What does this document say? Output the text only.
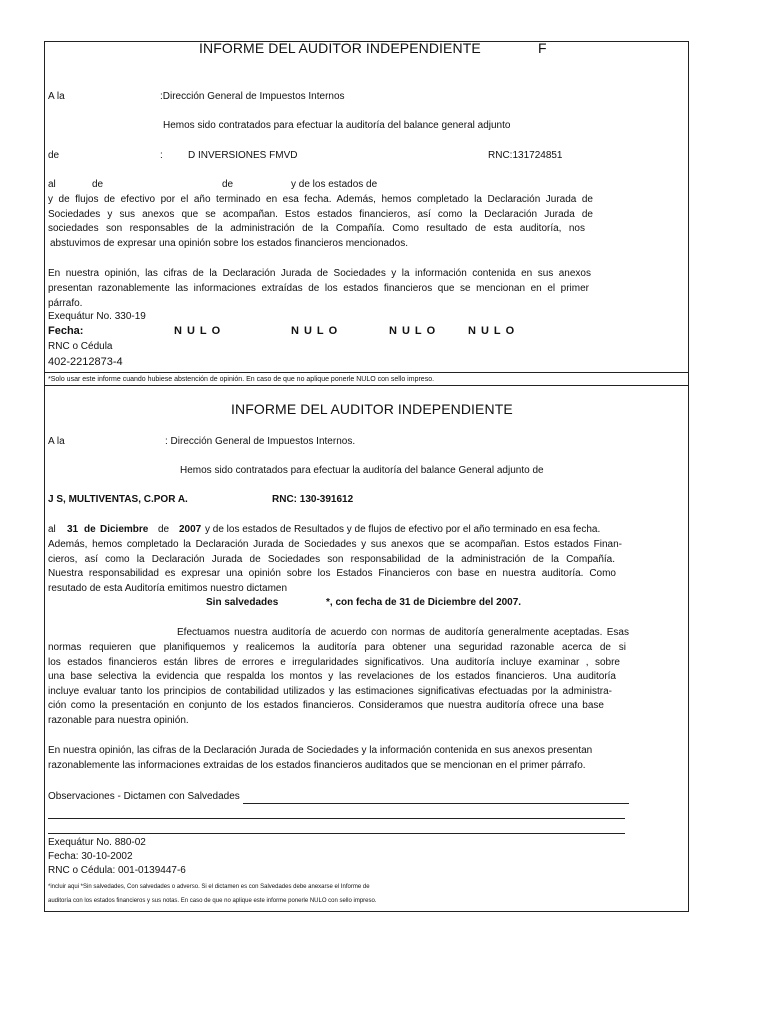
INFORME DEL AUDITOR INDEPENDIENTE	F
A la	:Dirección General de Impuestos Internos
Hemos sido contratados para efectuar la auditoría del balance general adjunto
de	:	D INVERSIONES FMVD	RNC:131724851
al	de	de	y de los estados de
y de flujos de efectivo por el año terminado en esa fecha. Además, hemos completado la Declaración Jurada de
Sociedades y sus anexos que se acompañan. Estos estados financieros, así como la Declaración Jurada de
sociedades son responsables de la administración de la Compañía. Como resultado de esta auditoría, nos
abstuvimos de expresar una opinión sobre los estados financieros mencionados.
En nuestra opinión, las cifras de la Declaración Jurada de Sociedades y la información contenida en sus anexos
presentan razonablemente las informaciones extraídas de los estados financieros que se mencionan en el primer
párrafo.
Exequátur No. 330-19
Fecha:	NULO	NULO	NULO	NULO
RNC o Cédula
402-2212873-4
*Solo usar este informe cuando hubiese abstención de opinión. En caso de que no aplique ponerle NULO con sello impreso.
INFORME DEL AUDITOR INDEPENDIENTE
A la	: Dirección General de Impuestos Internos.
Hemos sido contratados para efectuar la auditoría del balance General adjunto de
J S, MULTIVENTAS, C.POR A.	RNC: 130-391612
al 31 de Diciembre de 2007 y de los estados de Resultados y de flujos de efectivo por el año terminado en esa fecha.
Además, hemos completado la Declaración Jurada de Sociedades y sus anexos que se acompañan. Estos estados Finan-
cieros, así como la Declaración Jurada de Sociedades son responsabilidad de la administración de la Compañía.
Nuestra responsabilidad es expresar una opinión sobre los Estados Financieros con base en nuestra auditoría. Como
resutado de esta Auditoría emitimos nuestro dictamen
Sin salvedades	*, con fecha de 31 de Diciembre del 2007.
Efectuamos nuestra auditoría de acuerdo con normas de auditoría generalmente aceptadas. Esas
normas requieren que planifiquemos y realicemos la auditoría para obtener una seguridad razonable acerca de si
los estados financieros están libres de errores e irregularidades significativos. Una auditoría incluye examinar , sobre
una base selectiva la evidencia que respalda los montos y las revelaciones de los estados financieros. Una auditoría
incluye evaluar tanto los principios de contabilidad utilizados y las estimaciones significativas efectuadas por la administra-
ción como la presentación en conjunto de los estados financieros. Consideramos que nuestra auditoría ofrece una base
razonable para nuestra opinión.
En nuestra opinión, las cifras de la Declaración Jurada de Sociedades y la información contenida en sus anexos presentan
razonablemente las informaciones extraidas de los estados financieros auditados que se mencionan en el primer párrafo.
Observaciones - Dictamen con Salvedades
Exequátur No. 880-02
Fecha: 30-10-2002
RNC o Cédula: 001-0139447-6
*incluir aqui *Sin salvedades, Con salvedades o adverso. Si el dictamen es con Salvedades debe anexarse el Informe de
auditoría con los estados financieros y sus notas. En caso de que no aplique este informe ponerle NULO con sello impreso.
